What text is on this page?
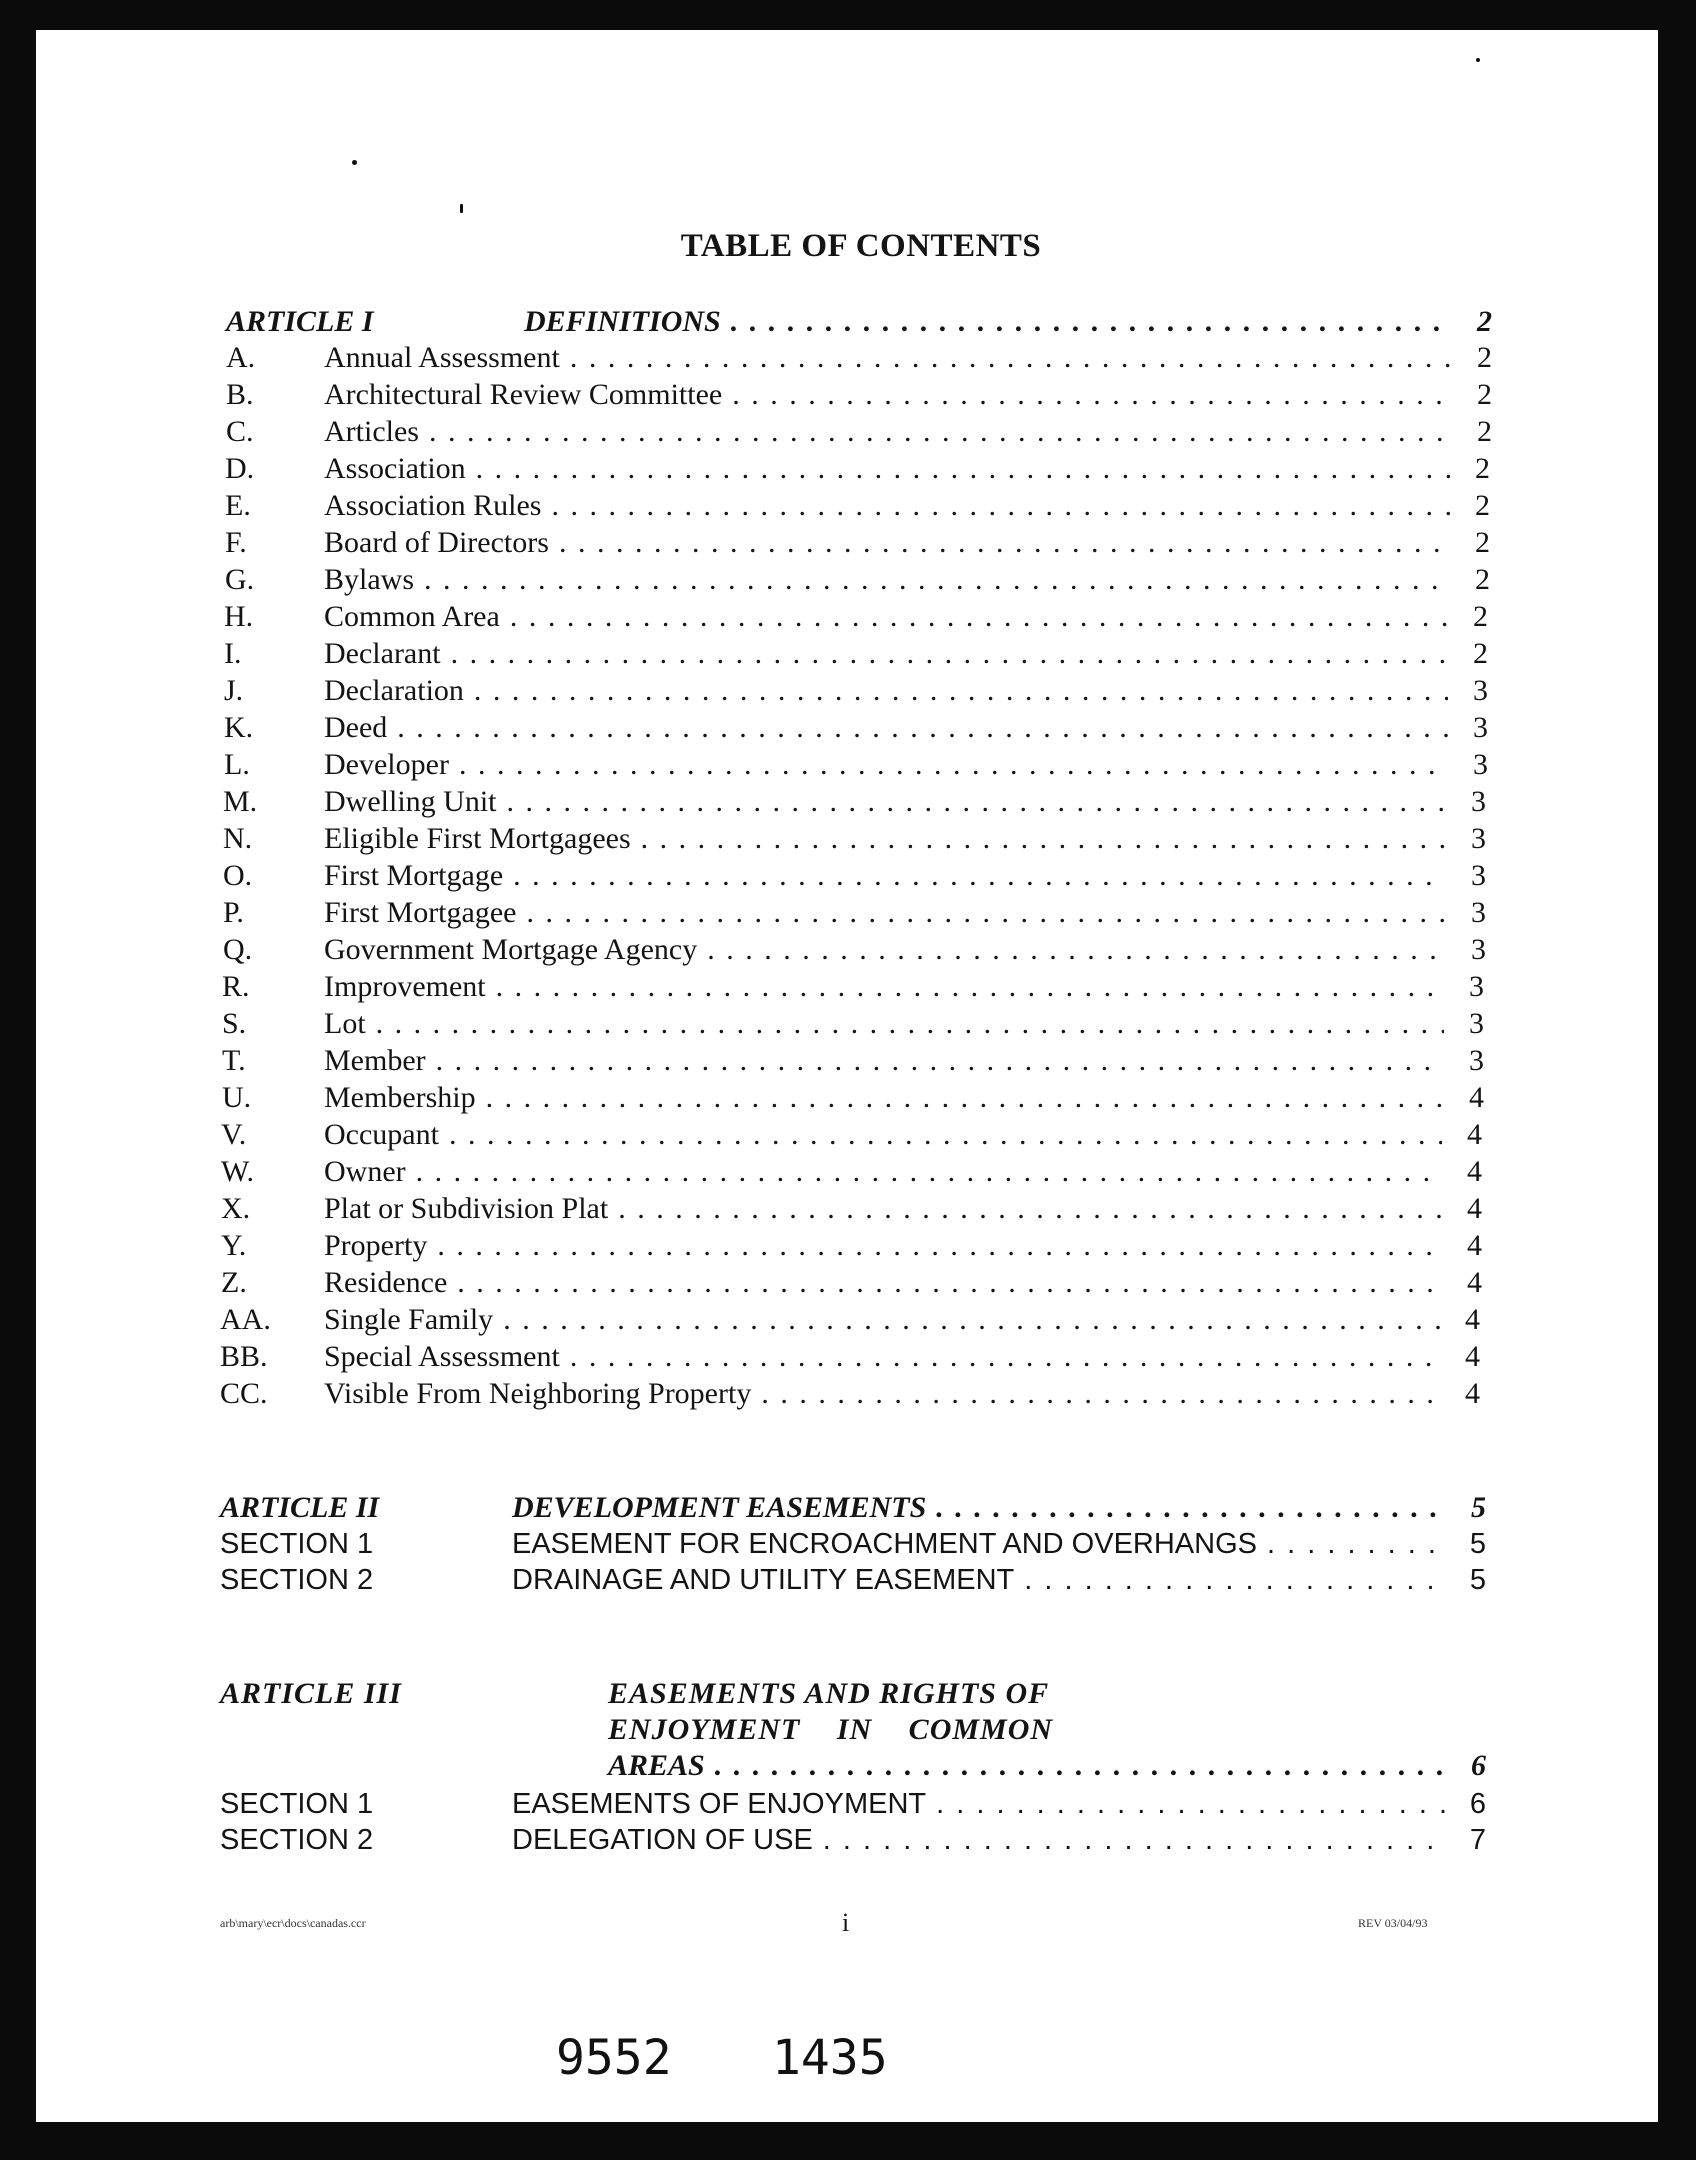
TABLE OF CONTENTS
ARTICLE I	DEFINITIONS . . .	2
A.	Annual Assessment . . .	2
B.	Architectural Review Committee . . .	2
C.	Articles . . .	2
D.	Association . . .	2
E.	Association Rules . . .	2
F.	Board of Directors . . .	2
G.	Bylaws . . .	2
H.	Common Area . . .	2
I.	Declarant . . .	2
J.	Declaration . . .	3
K.	Deed . . .	3
L.	Developer . . .	3
M.	Dwelling Unit . . .	3
N.	Eligible First Mortgagees . . .	3
O.	First Mortgage . . .	3
P.	First Mortgagee . . .	3
Q.	Government Mortgage Agency . . .	3
R.	Improvement . . .	3
S.	Lot . . .	3
T.	Member . . .	3
U.	Membership . . .	4
V.	Occupant . . .	4
W.	Owner . . .	4
X.	Plat or Subdivision Plat . . .	4
Y.	Property . . .	4
Z.	Residence . . .	4
AA.	Single Family . . .	4
BB.	Special Assessment . . .	4
CC.	Visible From Neighboring Property . . .	4
ARTICLE II	DEVELOPMENT EASEMENTS . . .	5
SECTION 1	EASEMENT FOR ENCROACHMENT AND OVERHANGS . . .	5
SECTION 2	DRAINAGE AND UTILITY EASEMENT . . .	5
ARTICLE III	EASEMENTS AND RIGHTS OF
ENJOYMENT IN COMMON
AREAS . . .	6
SECTION 1	EASEMENTS OF ENJOYMENT . . .	6
SECTION 2	DELEGATION OF USE . . .	7
arb\mary\ecr\docs\canadas.ccr	i	REV 03/04/93
9552 1435
